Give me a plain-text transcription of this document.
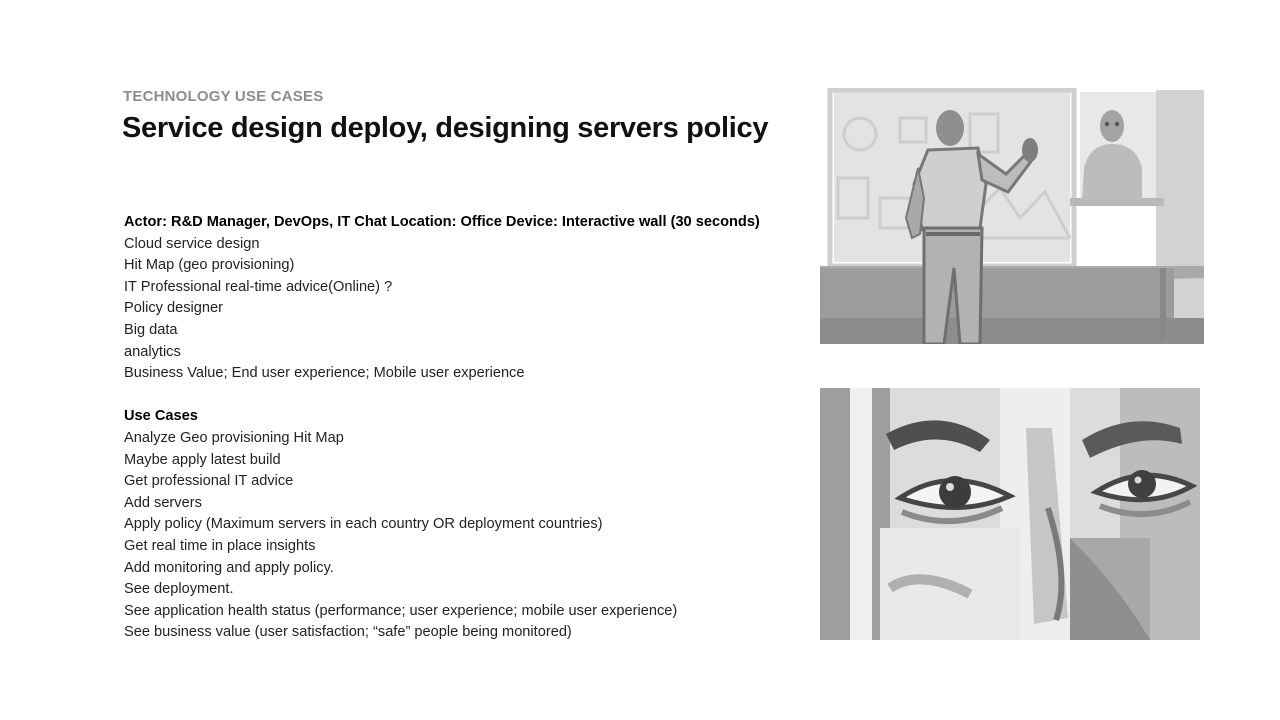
TECHNOLOGY USE CASES
Service design deploy, designing servers policy
Actor: R&D Manager, DevOps, IT Chat Location: Office Device: Interactive wall (30 seconds)
Cloud service design
Hit Map (geo provisioning)
IT Professional real-time advice(Online) ?
Policy designer
Big data
analytics
Business Value; End user experience; Mobile user experience
Use Cases
Analyze Geo provisioning Hit Map
Maybe apply latest build
Get professional IT advice
Add servers
Apply policy (Maximum servers in each country OR deployment countries)
Get real time in place insights
Add monitoring and apply policy.
See deployment.
See application health status (performance; user experience; mobile user experience)
See business value (user satisfaction; “safe” people being monitored)
